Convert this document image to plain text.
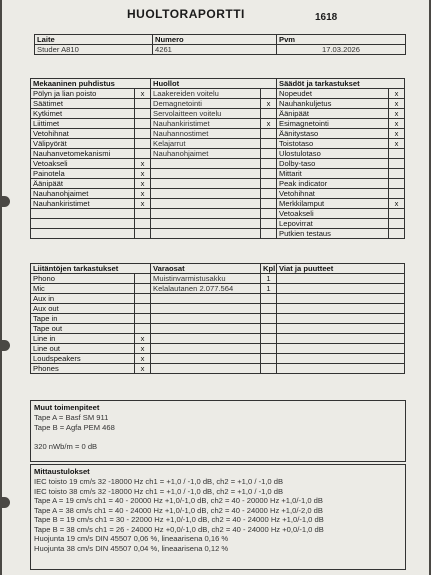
HUOLTORAPORTTI	1618
Laite	Numero	Pvm
Studer A810	4261	17.03.2026
Mekaaninen puhdistus		Huollot		Säädöt ja tarkastukset	
Pölyn ja lian poisto	x	Laakereiden voitelu		Nopeudet	x
Säätimet		Demagnetointi	x	Nauhankuljetus	x
Kytkimet		Servolaitteen voitelu		Äänipäät	x
Liittimet		Nauhankiristimet	x	Esimagnetointi	x
Vetohihnat		Nauhannostimet		Äänitystaso	x
Välipyörät		Kelajarrut		Toistotaso	x
Nauhanvetomekanismi		Nauhanohjaimet		Ulostulotaso	
Vetoakseli	x			Dolby-taso	
Painotela	x			Mittarit	
Äänipäät	x			Peak indicator	
Nauhanohjaimet	x			Vetohihnat	
Nauhankiristimet	x			Merkkilamput	x
				Vetoakseli	
				Lepovirrat	
				Putkien testaus	
Liitäntöjen tarkastukset		Varaosat	Kpl	Viat ja puutteet
Phono		Muistinvarmistusakku	1	
Mic		Kelalautanen 2.077.564	1	
Aux in				
Aux out				
Tape in				
Tape out				
Line in	x			
Line out	x			
Loudspeakers	x			
Phones	x			
Muut toimenpiteet
Tape A = Basf SM 911
Tape B = Agfa PEM 468
320 nWb/m = 0 dB
Mittaustulokset
IEC toisto 19 cm/s 32 -18000 Hz ch1 = +1,0 / -1,0 dB, ch2 = +1,0 / -1,0 dB
IEC toisto 38 cm/s 32 -18000 Hz ch1 = +1,0 / -1,0 dB, ch2 = +1,0 / -1,0 dB
Tape A = 19 cm/s ch1 = 40 - 20000 Hz +1,0/-1,0 dB, ch2 = 40 - 20000 Hz +1,0/-1,0 dB
Tape A = 38 cm/s ch1 = 40 - 24000 Hz +1,0/-1,0 dB, ch2 = 40 - 24000 Hz +1,0/-2,0 dB
Tape B = 19 cm/s ch1 = 30 - 22000 Hz +1,0/-1,0 dB, ch2 = 40 - 24000 Hz +1,0/-1,0 dB
Tape B = 38 cm/s ch1 = 26 - 24000 Hz +0,0/-1,0 dB, ch2 = 40 - 24000 Hz +0,0/-1,0 dB
Huojunta 19 cm/s DIN 45507 0,06 %, lineaarisena 0,16 %
Huojunta 38 cm/s DIN 45507 0,04 %, lineaarisena 0,12 %
